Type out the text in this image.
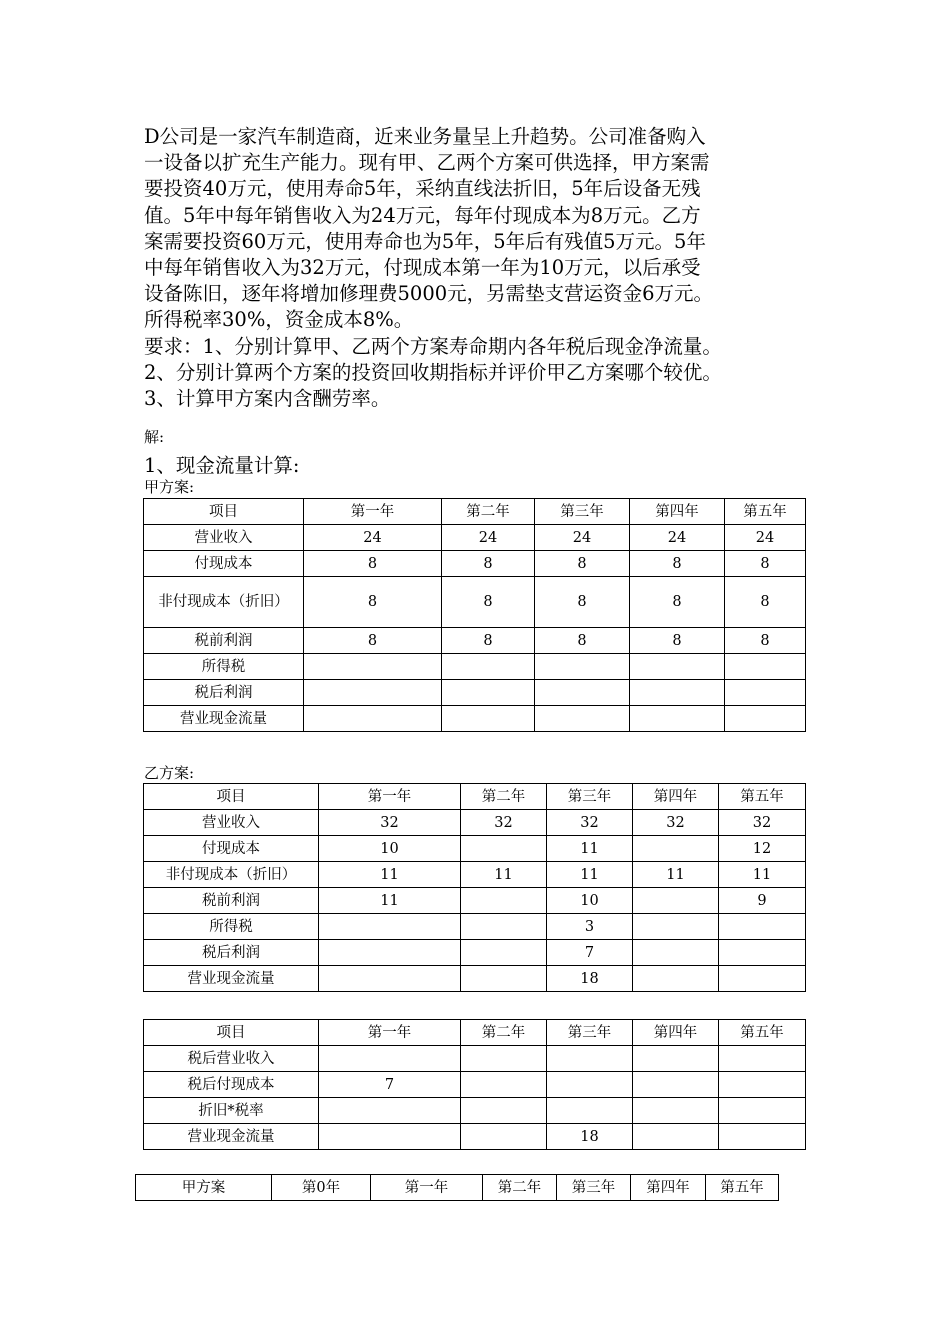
D公司是一家汽车制造商，近来业务量呈上升趋势。公司准备购入
一设备以扩充生产能力。现有甲、乙两个方案可供选择，甲方案需
要投资40万元，使用寿命5年，采纳直线法折旧，5年后设备无残
值。5年中每年销售收入为24万元，每年付现成本为8万元。乙方
案需要投资60万元，使用寿命也为5年，5年后有残值5万元。5年
中每年销售收入为32万元，付现成本第一年为10万元，以后承受
设备陈旧，逐年将增加修理费5000元，另需垫支营运资金6万元。
所得税率30%，资金成本8%。
要求：1、分别计算甲、乙两个方案寿命期内各年税后现金净流量。
2、分别计算两个方案的投资回收期指标并评价甲乙方案哪个较优。
3、计算甲方案内含酬劳率。
解:
1、现金流量计算:
甲方案:
项目	第一年	第二年	第三年	第四年	第五年
营业收入	24	24	24	24	24
付现成本	8	8	8	8	8
非付现成本（折旧）	8	8	8	8	8
税前利润	8	8	8	8	8
所得税					
税后利润					
营业现金流量					
乙方案:
项目	第一年	第二年	第三年	第四年	第五年
营业收入	32	32	32	32	32
付现成本	10		11		12
非付现成本（折旧）	11	11	11	11	11
税前利润	11		10		9
所得税			3		
税后利润			7		
营业现金流量			18		
项目	第一年	第二年	第三年	第四年	第五年
税后营业收入					
税后付现成本	7				
折旧*税率					
营业现金流量			18		
甲方案	第0年	第一年	第二年	第三年	第四年	第五年
